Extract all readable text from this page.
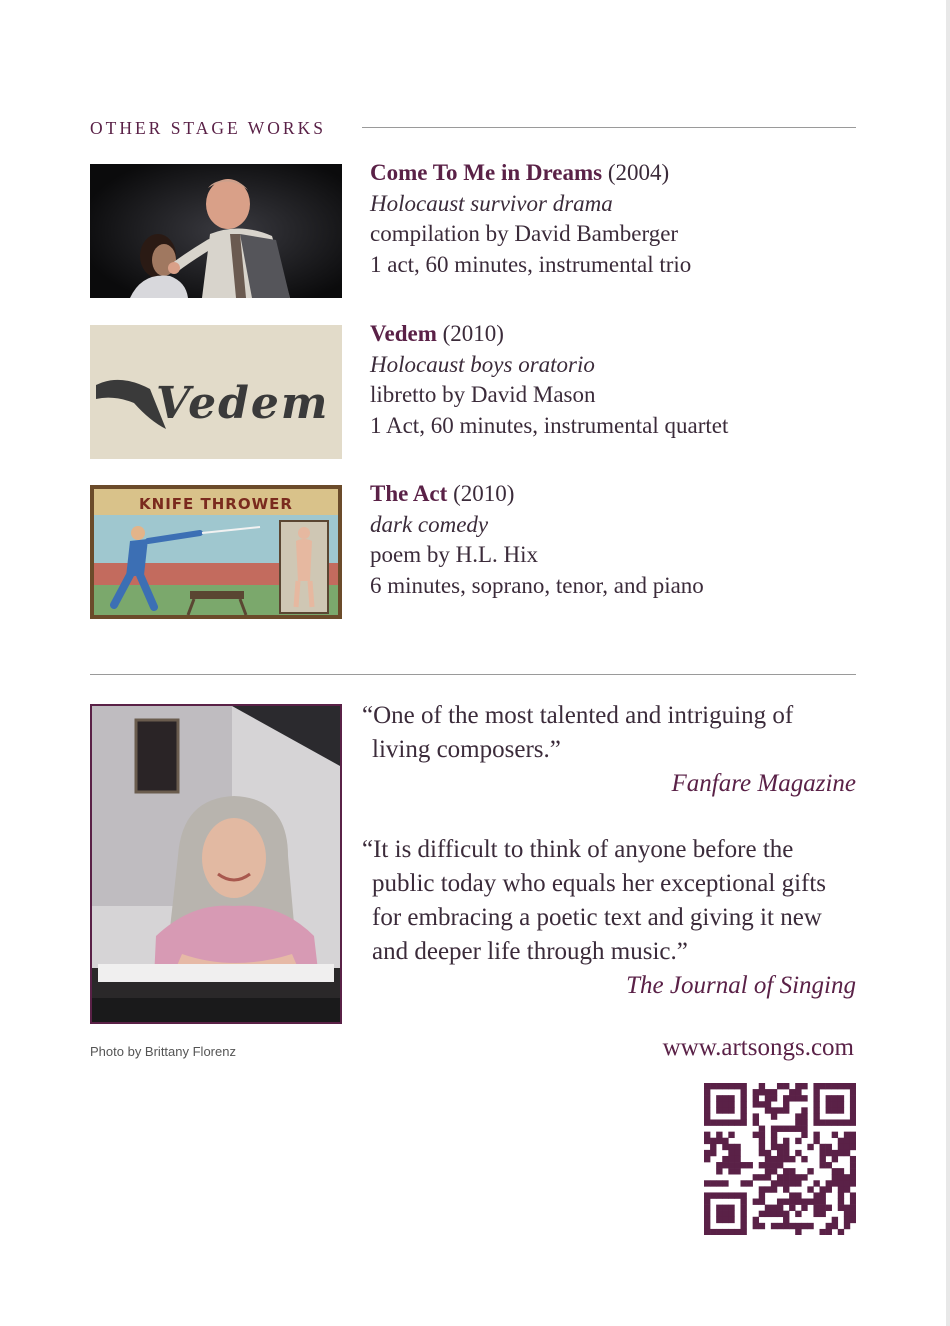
OTHER STAGE WORKS
Come To Me in Dreams (2004)
Holocaust survivor drama
compilation by David Bamberger
1 act, 60 minutes, instrumental trio
Vedem
Vedem (2010)
Holocaust boys oratorio
libretto by David Mason
1 Act, 60 minutes, instrumental quartet
KNIFE THROWER	The Act (2010)
dark comedy
poem by H.L. Hix
6 minutes, soprano, tenor, and piano
Photo by Brittany Florenz
“One of the most talented and intriguing of living composers.”
Fanfare Magazine
“It is difficult to think of anyone before the public today who equals her exceptional gifts for embracing a poetic text and giving it new and deeper life through music.”
The Journal of Singing
www.artsongs.com
